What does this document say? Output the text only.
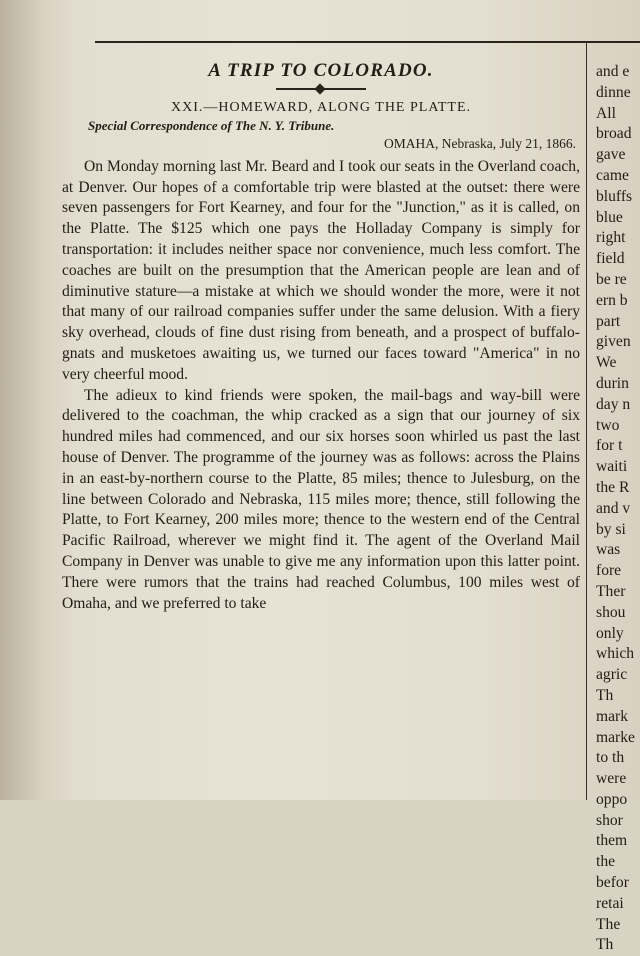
A TRIP TO COLORADO.
XXI.—HOMEWARD, ALONG THE PLATTE.
Special Correspondence of The N. Y. Tribune.
OMAHA, Nebraska, July 21, 1866.

On Monday morning last Mr. Beard and I took our seats in the Overland coach, at Denver. Our hopes of a comfortable trip were blasted at the outset: there were seven passengers for Fort Kearney, and four for the "Junction," as it is called, on the Platte. The $125 which one pays the Holladay Company is simply for transportation: it includes neither space nor convenience, much less comfort. The coaches are built on the presumption that the American people are lean and of diminutive stature—a mistake at which we should wonder the more, were it not that many of our railroad companies suffer under the same delusion. With a fiery sky overhead, clouds of fine dust rising from beneath, and a prospect of buffalo-gnats and musketoes awaiting us, we turned our faces toward "America" in no very cheerful mood.

The adieux to kind friends were spoken, the mail-bags and way-bill were delivered to the coachman, the whip cracked as a sign that our journey of six hundred miles had commenced, and our six horses soon whirled us past the last house of Denver. The programme of the journey was as follows: across the Plains in an east-by-northern course to the Platte, 85 miles; thence to Julesburg, on the line between Colorado and Nebraska, 115 miles more; thence, still following the Platte, to Fort Kearney, 200 miles more; thence to the western end of the Central Pacific Railroad, wherever we might find it. The agent of the Overland Mail Company in Denver was unable to give me any information upon this latter point. There were rumors that the trains had reached Columbus, 100 miles west of Omaha, and we preferred to take

and e
dinne
All
broad
gave
came
bluffs
blue
right
field
be re
ern b
part
given
We
durin
day n
two
for t
waiti
the R
and v
by si
was
fore
Ther
shou
only
which
agric
Th
mark
marke
to th
were
oppo
shor
them
the
befor
retai
The
Th
